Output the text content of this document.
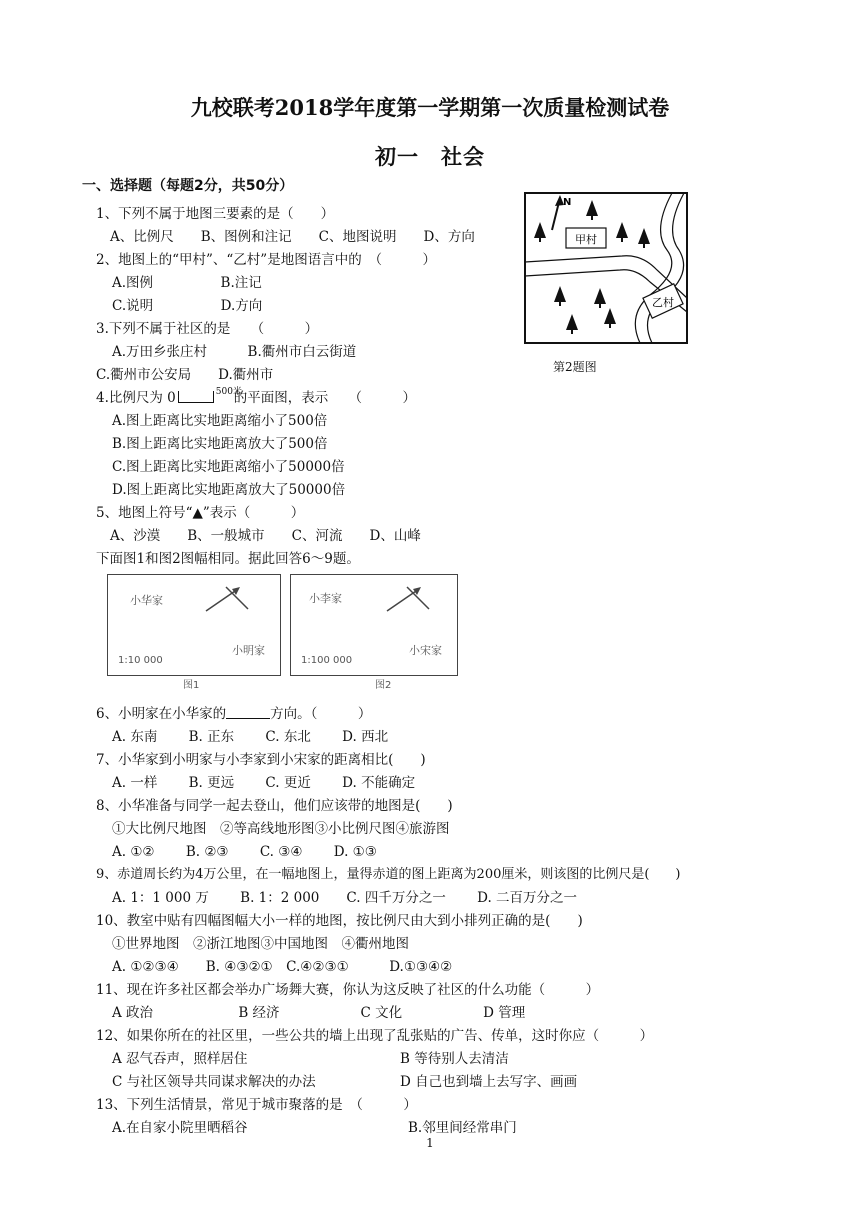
九校联考2018学年度第一学期第一次质量检测试卷
初一　社会
一、选择题（每题2分，共50分）
1、下列不属于地图三要素的是（　　）
A、比例尺　　B、图例和注记　　C、地图说明　　D、方向
2、地图上的“甲村”、“乙村”是地图语言中的　（　　　）
A.图例　　　　　B.注记
C.说明　　　　　D.方向
3.下列不属于社区的是　　（　　　）
A.万田乡张庄村　　　B.衢州市白云街道
C.衢州市公安局　　D.衢州市
4.比例尺为 0	500米
的平面图，表示　　（　　　）
A.图上距离比实地距离缩小了500倍
B.图上距离比实地距离放大了500倍
C.图上距离比实地距离缩小了50000倍
D.图上距离比实地距离放大了50000倍
5、地图上符号“▲”表示（　　　）
A、沙漠　　B、一般城市　　C、河流　　D、山峰
下面图1和图2图幅相同。据此回答6～9题。
N
甲村
乙村
第2题图
小华家
小明家
1:10 000
图1
小李家
小宋家
1:100 000
图2
6、小明家在小华家的	方向。（　　　）
A. 东南　　 B. 正东　　 C. 东北　　 D. 西北
7、小华家到小明家与小李家到小宋家的距离相比(　　)
A. 一样　　 B. 更远　　 C. 更近　　 D. 不能确定
8、小华准备与同学一起去登山，他们应该带的地图是(　　)
①大比例尺地图　②等高线地形图③小比例尺图④旅游图
A. ①②　　 B. ②③　　 C. ③④　　 D. ①③
9、赤道周长约为4万公里，在一幅地图上，量得赤道的图上距离为200厘米，则该图的比例尺是(　　)
A. 1：1 000 万　　 B. 1：2 000　　C. 四千万分之一　　 D. 二百万分之一
10、教室中贴有四幅图幅大小一样的地图，按比例尺由大到小排列正确的是(　　)
①世界地图　②浙江地图③中国地图　④衢州地图
A. ①②③④　　B. ④③②①　C.④②③①　　　D.①③④②
11、现在许多社区都会举办广场舞大赛，你认为这反映了社区的什么功能（　　　）
A 政治　　　　　　 B 经济　　　　　　C 文化　　　　　　D 管理
12、如果你所在的社区里，一些公共的墙上出现了乱张贴的广告、传单，这时你应（　　　）
A 忍气吞声，照样居住	B 等待别人去清洁
C 与社区领导共同谋求解决的办法	D 自己也到墙上去写字、画画
13、下列生活情景，常见于城市聚落的是　（　　　）
A.在自家小院里晒稻谷	B.邻里间经常串门
1
